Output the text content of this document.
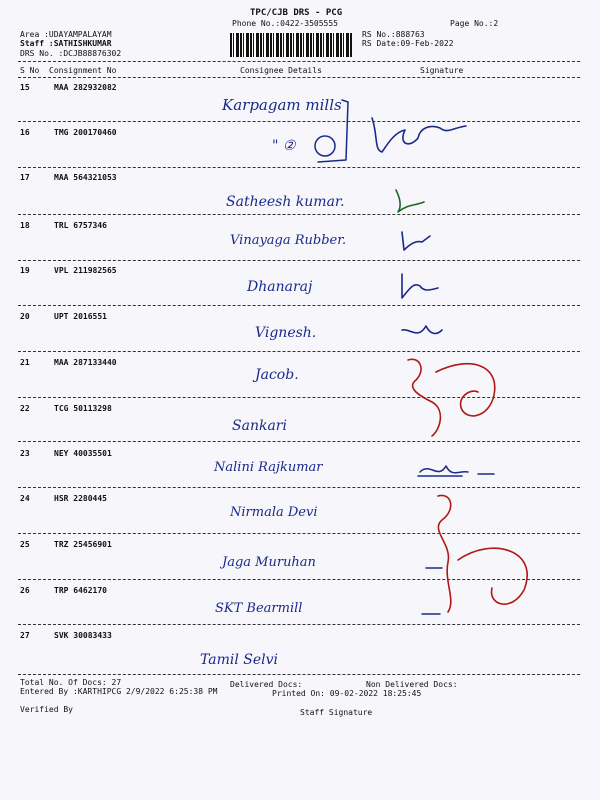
TPC/CJB DRS - PCG
Phone No.:0422-3505555	Page No.:2
Area :UDAYAMPALAYAM
Staff :SATHISHKUMAR
DRS No. :DCJB88876302
RS No.:888763
RS Date:09-Feb-2022
S No Consignment No	Consignee Details	Signature
15	MAA 282932082
Karpagam mills
16	TMG 200170460
" ②
17	MAA 564321053
Satheesh kumar.
18	TRL 6757346
Vinayaga Rubber.
19	VPL 211982565
Dhanaraj
20	UPT 2016551
Vignesh.
21	MAA 287133440
Jacob.
22	TCG 50113298
Sankari
23	NEY 40035501
Nalini Rajkumar
24	HSR 2280445
Nirmala Devi
25	TRZ 25456901
Jaga Muruhan
26	TRP 6462170
SKT Bearmill
27	SVK 30083433
Tamil Selvi
Total No. Of Docs: 27	Delivered Docs:	Non Delivered Docs:
Entered By :KARTHIPCG 2/9/2022 6:25:38 PM	Printed On: 09-02-2022 18:25:45
Verified By	Staff Signature
